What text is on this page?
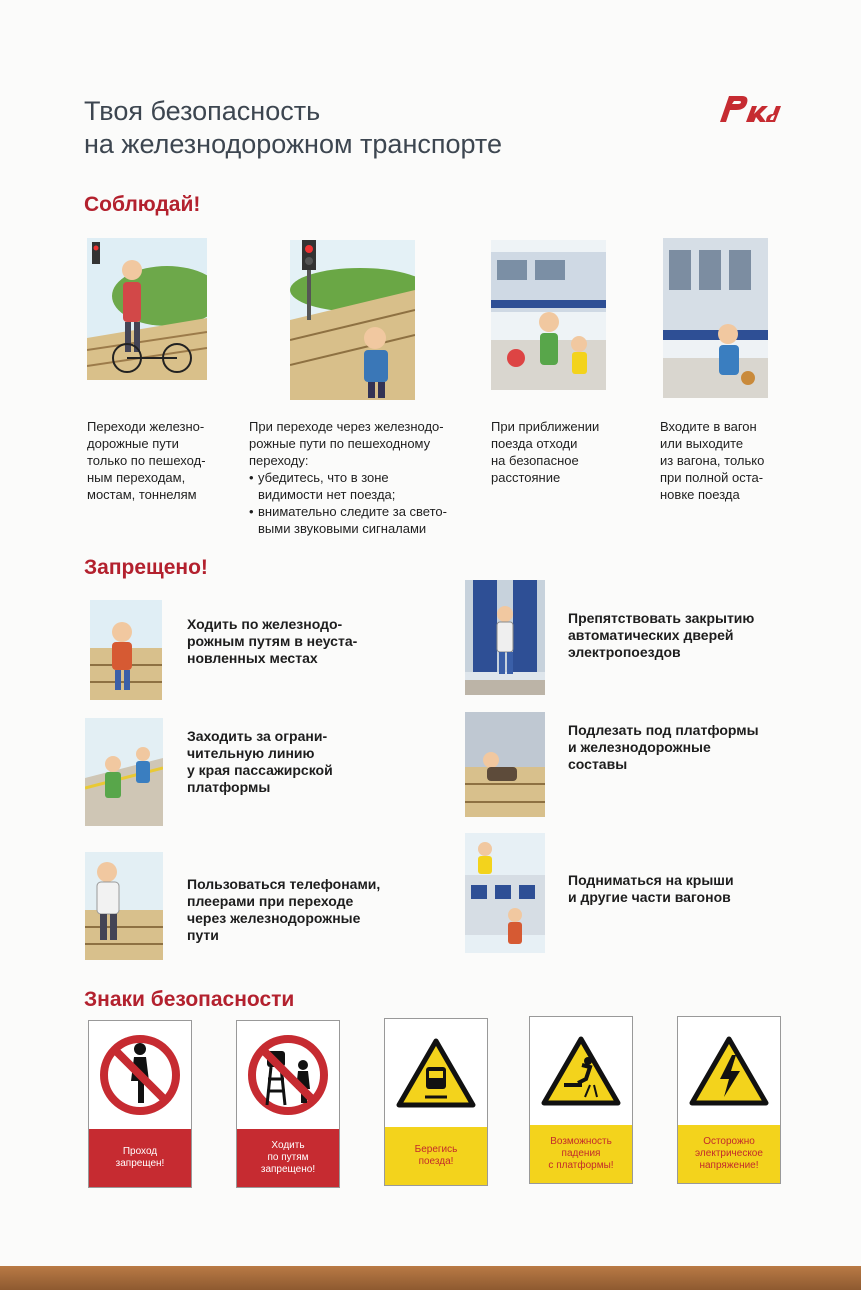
Твоя безопасность
на железнодорожном транспорте
Соблюдай!
Переходи железно-
дорожные пути
только по пешеход-
ным переходам,
мостам, тоннелям
При переходе через железнодо-
рожные пути по пешеходному
переходу:
• убедитесь, что в зоне
видимости нет поезда;
• внимательно следите за свето-
выми звуковыми сигналами
При приближении
поезда отходи
на безопасное
расстояние
Входите в вагон
или выходите
из вагона, только
при полной оста-
новке поезда
Запрещено!
Ходить по железнодо-
рожным путям в неуста-
новленных местах
Заходить за ограни-
чительную линию
у края пассажирской
платформы
Пользоваться телефонами,
плеерами при переходе
через железнодорожные
пути
Препятствовать закрытию
автоматических дверей
электропоездов
Подлезать под платформы
и железнодорожные
составы
Подниматься на крыши
и другие части вагонов
Знаки безопасности
Проход
запрещен!
Ходить
по путям
запрещено!
Берегись
поезда!
Возможность
падения
с платформы!
Осторожно
электрическое
напряжение!
